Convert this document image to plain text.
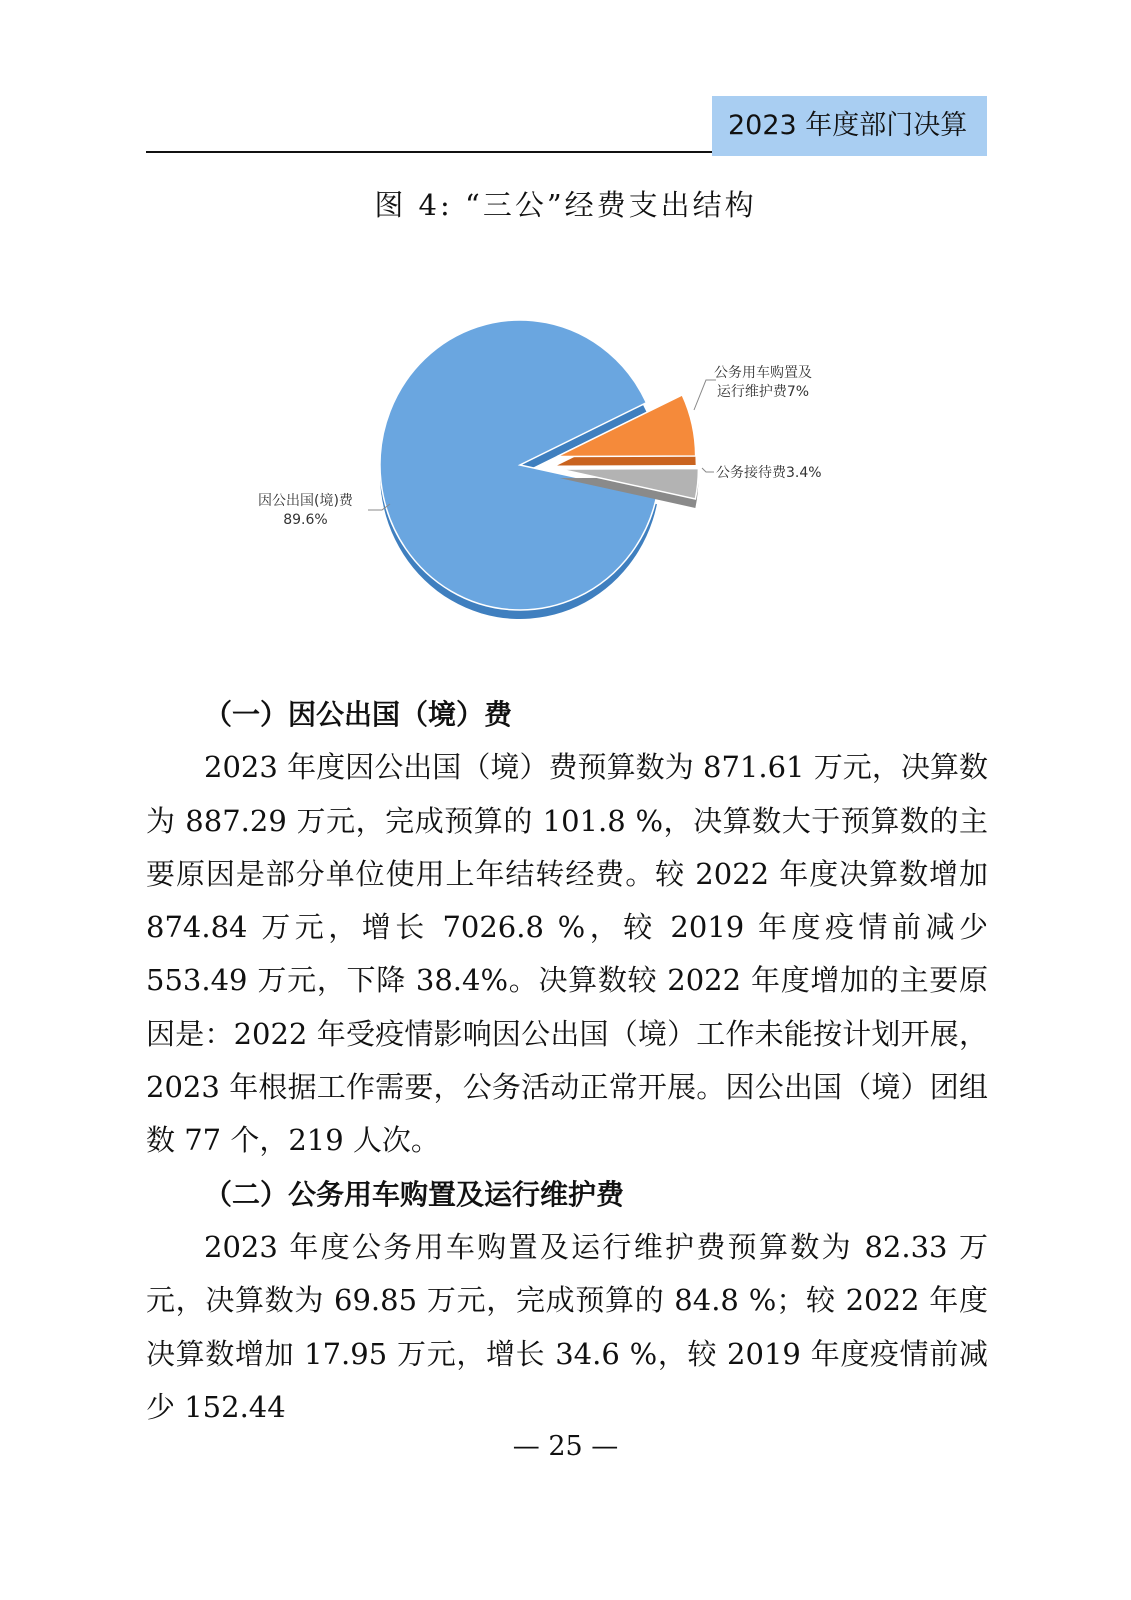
2023 年度部门决算
图 4: “三公”经费支出结构
因公出国(境)费
89.6%
公务用车购置及
运行维护费7%
公务接待费3.4%
（一）因公出国（境）费

2023 年度因公出国（境）费预算数为 871.61 万元，决算数为 887.29 万元，完成预算的 101.8 %，决算数大于预算数的主要原因是部分单位使用上年结转经费。较 2022 年度决算数增加 874.84 万元，增长 7026.8 %，较 2019 年度疫情前减少 553.49 万元，下降 38.4%。决算数较 2022 年度增加的主要原因是：2022 年受疫情影响因公出国（境）工作未能按计划开展，2023 年根据工作需要，公务活动正常开展。因公出国（境）团组数 77 个，219 人次。

（二）公务用车购置及运行维护费

2023 年度公务用车购置及运行维护费预算数为 82.33 万元，决算数为 69.85 万元，完成预算的 84.8 %；较 2022 年度决算数增加 17.95 万元，增长 34.6 %，较 2019 年度疫情前减少 152.44

— 25 —
